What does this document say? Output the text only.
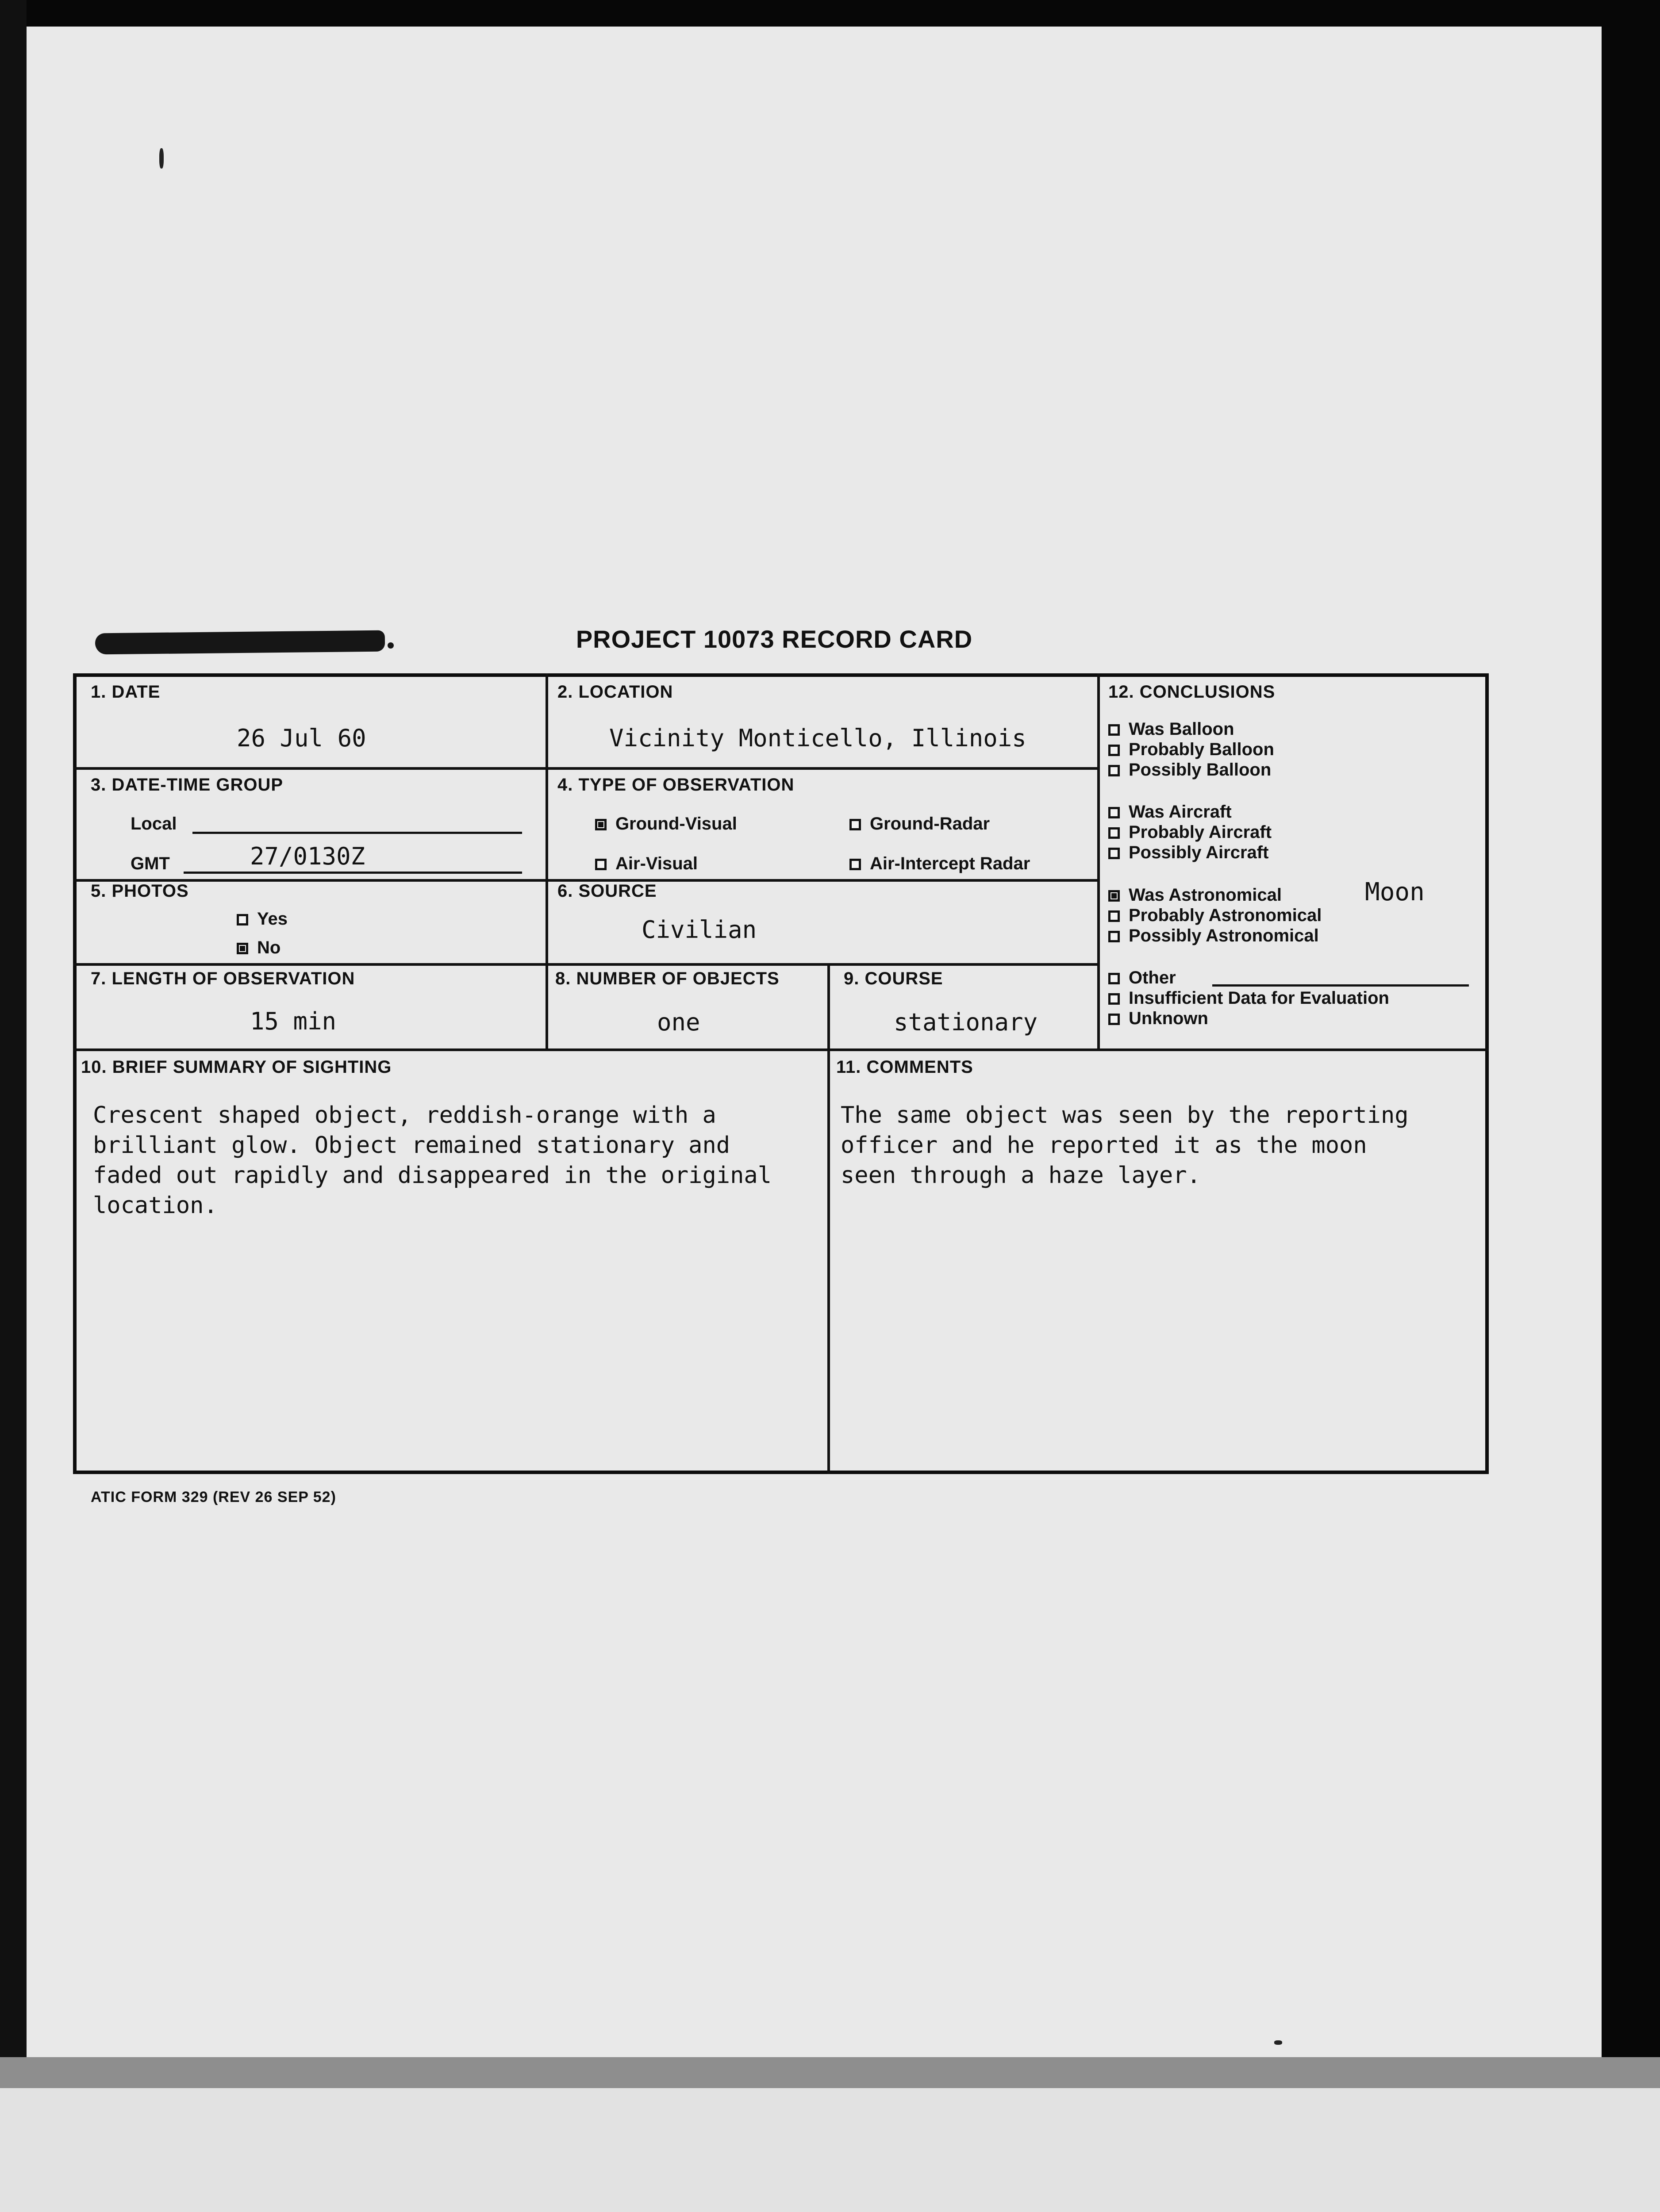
PROJECT 10073 RECORD CARD
1. DATE
26 Jul 60
2. LOCATION
Vicinity Monticello, Illinois
3. DATE-TIME GROUP
Local
GMT	27/0130Z
4. TYPE OF OBSERVATION
Ground-Visual	Ground-Radar
Air-Visual	Air-Intercept Radar
5. PHOTOS
Yes
No
6. SOURCE
Civilian
7. LENGTH OF OBSERVATION
15 min
8. NUMBER OF OBJECTS
one
9. COURSE
stationary
12. CONCLUSIONS
Was Balloon
Probably Balloon
Possibly Balloon
Was Aircraft
Probably Aircraft
Possibly Aircraft
Was Astronomical
Probably Astronomical
Possibly Astronomical
Moon
Other
Insufficient Data for Evaluation
Unknown
10. BRIEF SUMMARY OF SIGHTING
Crescent shaped object, reddish-orange with a
brilliant glow. Object remained stationary and
faded out rapidly and disappeared in the original
location.
11. COMMENTS
The same object was seen by the reporting
officer and he reported it as the moon
seen through a haze layer.
ATIC FORM 329 (REV 26 SEP 52)
